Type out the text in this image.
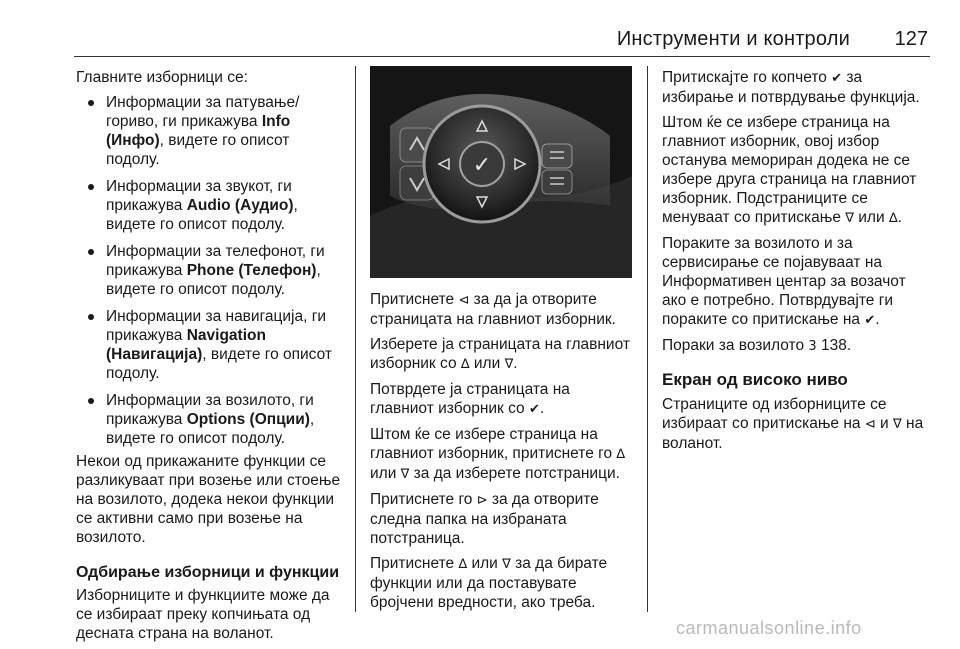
Инструменти и контроли	127

Главните изборници се:

Информации за патување/гориво, ги прикажува Info (Инфо), видете го описот подолу.
Информации за звукот, ги прикажува Audio (Аудио), видете го описот подолу.
Информации за телефонот, ги прикажува Phone (Телефон), видете го описот подолу.
Информации за навигација, ги прикажува Navigation (Навигација), видете го описот подолу.
Информации за возилото, ги прикажува Options (Опции), видете го описот подолу.

Некои од прикажаните функции се разликуваат при возење или стоење на возилото, додека некои функции се активни само при возење на возилото.

Одбирање изборници и функции

Изборниците и функциите може да се избираат преку копчињата од десната страна на воланот.

✓

Притиснете ⊲ за да ја отворите страницата на главниот изборник.

Изберете ја страницата на главниот изборник со ∆ или ∇.

Потврдете ја страницата на главниот изборник со ✔.

Штом ќе се избере страница на главниот изборник, притиснете го ∆ или ∇ за да изберете потстраници.

Притиснете го ⊳ за да отворите следна папка на избраната потстраница.

Притиснете ∆ или ∇ за да бирате функции или да поставувате бројчени вредности, ако треба.

Притискајте го копчето ✔ за избирање и потврдување функција.

Штом ќе се избере страница на главниот изборник, овој избор останува мемориран додека не се избере друга страница на главниот изборник. Подстраниците се менуваат со притискање ∇ или ∆.

Пораките за возилото и за сервисирање се појавуваат на Информативен центар за возачот ако е потребно. Потврдувајте ги пораките со притискање на ✔.

Пораки за возилото 3 138.

Екран од високо ниво

Страниците од изборниците се избираат со притискање на ⊲ и ∇ на воланот.

carmanualsonline.info
